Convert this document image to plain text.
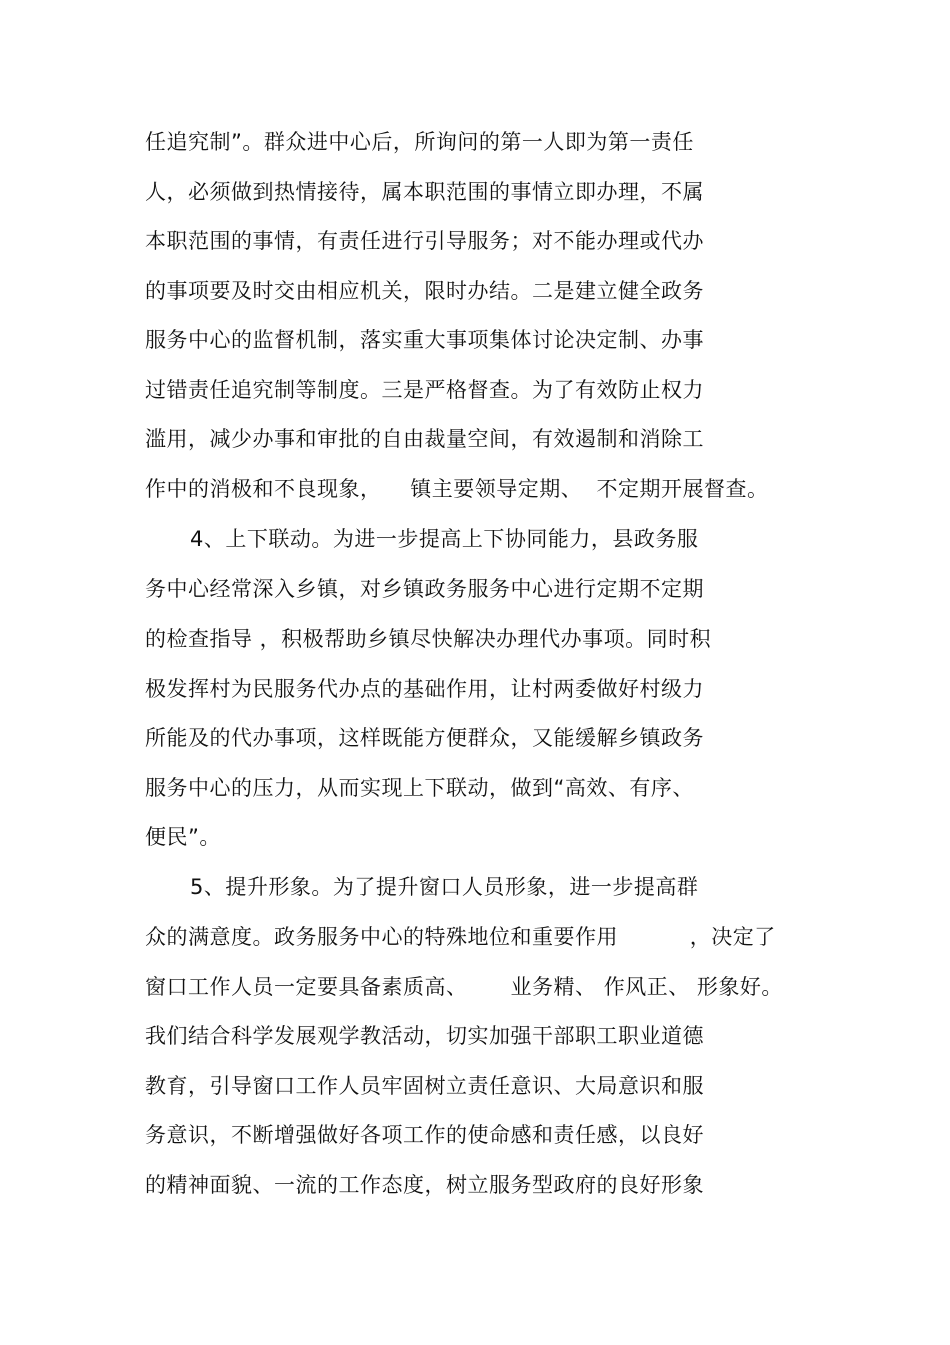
任追究制”。群众进中心后，所询问的第一人即为第一责任
人，必须做到热情接待，属本职范围的事情立即办理，不属
本职范围的事情，有责任进行引导服务；对不能办理或代办
的事项要及时交由相应机关，限时办结。二是建立健全政务
服务中心的监督机制，落实重大事项集体讨论决定制、办事
过错责任追究制等制度。三是严格督查。为了有效防止权力
滥用，减少办事和审批的自由裁量空间，有效遏制和消除工
作中的消极和不良现象，    镇主要领导定期、  不定期开展督查。
4、上下联动。为进一步提高上下协同能力，县政务服
务中心经常深入乡镇，对乡镇政务服务中心进行定期不定期
的检查指导 ，积极帮助乡镇尽快解决办理代办事项。同时积
极发挥村为民服务代办点的基础作用，让村两委做好村级力
所能及的代办事项，这样既能方便群众，又能缓解乡镇政务
服务中心的压力，从而实现上下联动，做到“高效、有序、
便民”。
5、提升形象。为了提升窗口人员形象，进一步提高群
众的满意度。政务服务中心的特殊地位和重要作用          ，决定了
窗口工作人员一定要具备素质高、      业务精、 作风正、 形象好。
我们结合科学发展观学教活动，切实加强干部职工职业道德
教育，引导窗口工作人员牢固树立责任意识、大局意识和服
务意识，不断增强做好各项工作的使命感和责任感，以良好
的精神面貌、一流的工作态度，树立服务型政府的良好形象
